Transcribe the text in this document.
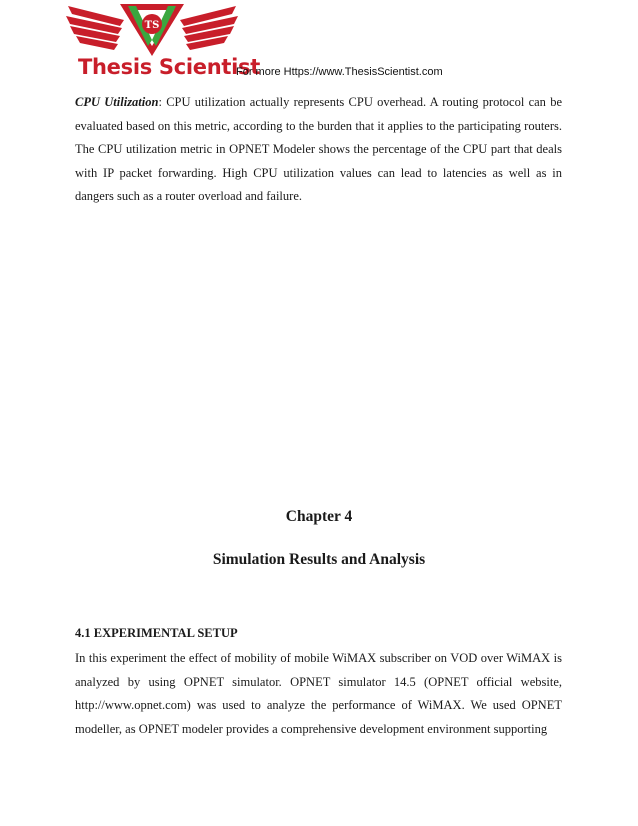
TS
Thesis Scientist
For more Https://www.ThesisScientist.com
CPU Utilization: CPU utilization actually represents CPU overhead. A routing protocol can be evaluated based on this metric, according to the burden that it applies to the participating routers. The CPU utilization metric in OPNET Modeler shows the percentage of the CPU part that deals with IP packet forwarding. High CPU utilization values can lead to latencies as well as in dangers such as a router overload and failure.
Chapter 4
Simulation Results and Analysis
4.1 EXPERIMENTAL SETUP
In this experiment the effect of mobility of mobile WiMAX subscriber on VOD over WiMAX is analyzed by using OPNET simulator. OPNET simulator 14.5 (OPNET official website, http://www.opnet.com) was used to analyze the performance of WiMAX. We used OPNET modeller, as OPNET modeler provides a comprehensive development environment supporting
